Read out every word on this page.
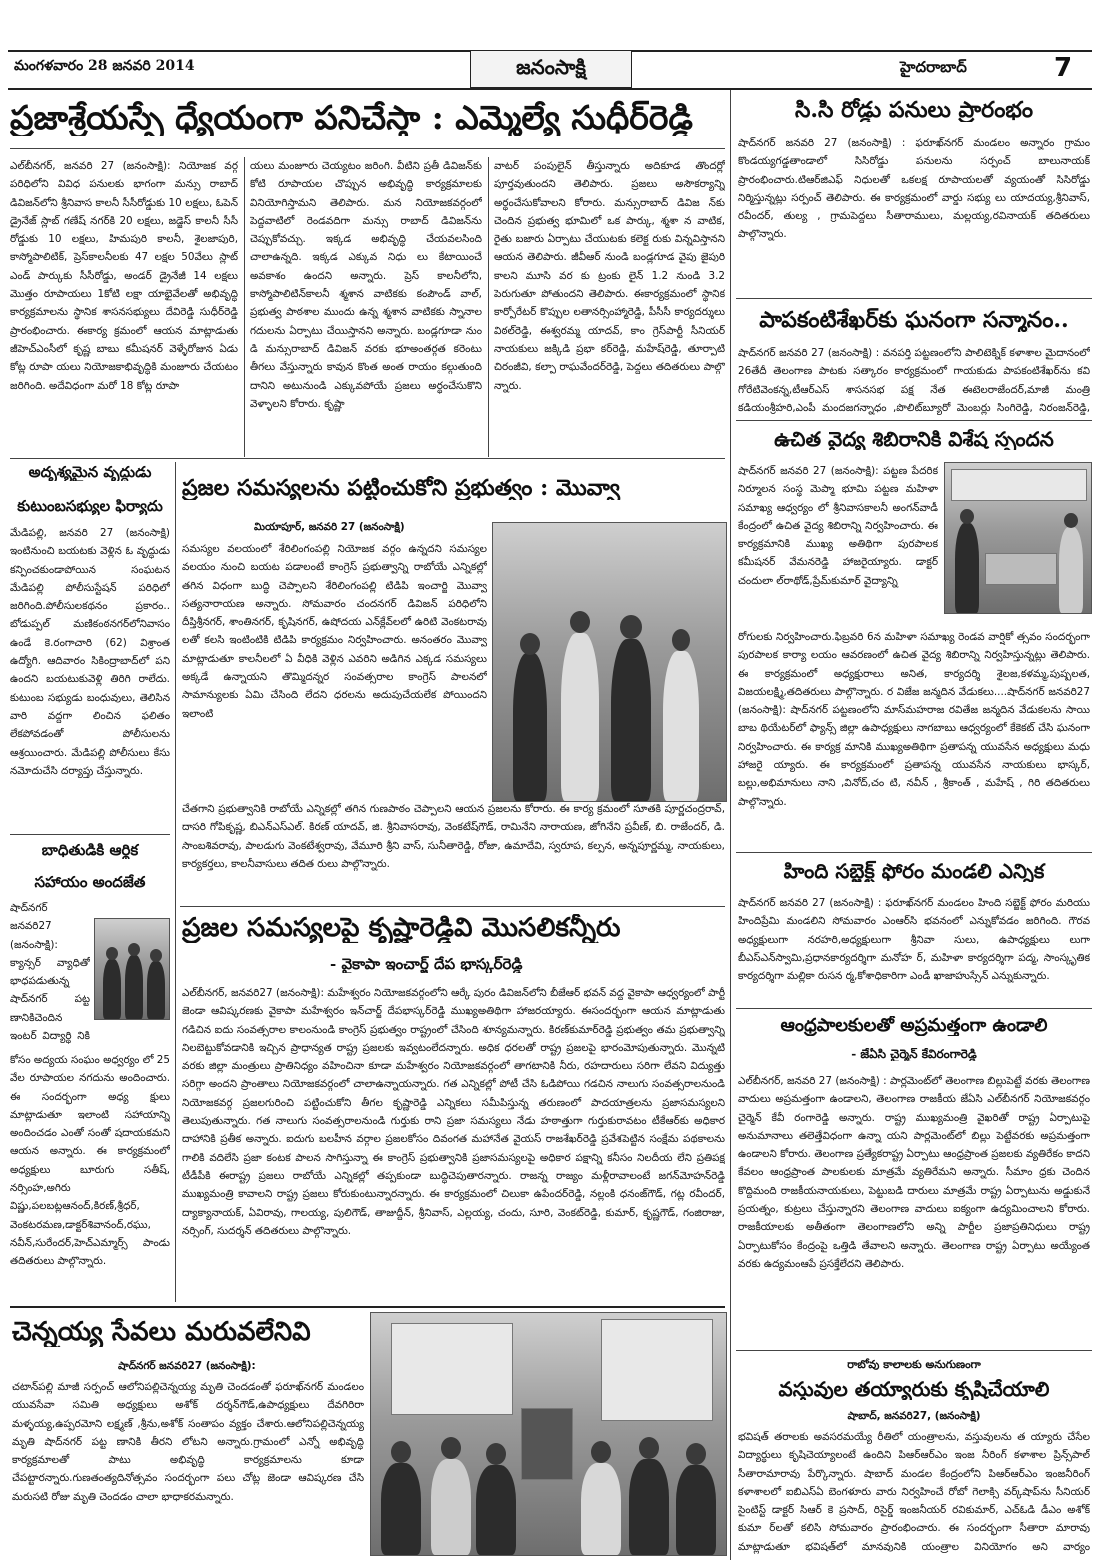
మంగళవారం 28 జనవరి 2014	జనంసాక్షి	హైదరాబాద్	7
ప్రజాశ్రేయస్సే ధ్యేయంగా పనిచేస్తా : ఎమ్మెల్యే సుధీర్‌రెడ్డి
ఎల్‌బీనగర్‌, జనవరి 27 (జనంసాక్షి): నియోజక వర్గ పరిధిలోని వివిధ పనులకు భాగంగా మన్సు రాబాద్‌ డివిజన్‌లోని శ్రీనివాస కాలనీ సీసీరోడ్డుకు 10 లక్షలు, ఓపెన్‌ డ్రైనేజ్‌ స్లాబ్‌ గణేష్‌ నగర్‌కి 20 లక్షలు, జడ్జెస్‌ కాలనీ సీసీ రోడ్డుకు 10 లక్షలు, హిమపురి కాలనీ, శైలజాపురి, కాస్మోపాలిటిక్‌, ప్రెస్‌కాలనీలకు 47 లక్షల 50వేలు స్లాట్‌ ఎండ్‌ పార్కుకు సీసీరోడ్డు, అండర్‌ డ్రైనేజీ 14 లక్షలు మొత్తం రూపాయలు 1కోటి లక్షా యాభైవేలతో అభివృద్ధి కార్యక్రమాలను స్థానిక శాసనసభ్యులు దేవిరెడ్డి సుధీర్‌రెడ్డి ప్రారంభించారు. ఈకార్య క్రమంలో ఆయన మాట్లాడుతు జీహెచ్‌ఎంసీలో కృష్ణ బాబు కమీషనర్‌ వెళ్ళేరోజున ఏడు కోట్ల రూపా యలు నియోజకాభివృద్ధికి మంజూరు చేయటం జరిగింది. అదేవిధంగా మరో 18 కోట్ల రూపా
యలు మంజూరు చెయ్యటం జరింగి. వీటిని ప్రతీ డివిజన్‌కు కోటి రూపాయల చొప్పున అభివృద్ధి కార్యక్రమాలకు వినియోగిస్తామని తెలిపారు. మన నియోజకవర్గంలో పెద్దవాటిలో రెండవదిగా మన్సు రాబాద్‌ డివిజన్‌ను చెప్పుకోవచ్చు. ఇక్కడ అభివృద్ధి చేయవలసింది చాలాఉన్నది. ఇక్కడ ఎక్కువ నిధు లు కేటాయించే అవకాశం ఉందని అన్నారు. ప్రెస్‌ కాలనీలోని, కాస్మోపాలిటిన్‌కాలనీ శ్మశాన వాటికకు కంపౌండ్‌ వాల్‌, ప్రభుత్వ పాఠశాల ముందు ఉన్న శ్మశాన వాటికకు స్నానాల గదులను ఏర్పాటు చేయిస్తానని అన్నారు. బండ్లగూడా నుం డి మన్సురాబాద్‌ డివిజన్‌ వరకు భూఅంతర్గత కరెంటు తీగలు వేస్తున్నారు కావున కొంత అంత రాయం కల్గుతుంది దానిని అటునుండి ఎక్కువపోయే ప్రజలు అర్థంచేసుకొని వెళ్ళాలని కోరారు. కృష్ణా
వాటర్‌ పంపులైన్‌ తీస్తున్నారు అదికూడ తొందర్లో పూర్తవుతుందని తెలిపారు. ప్రజలు అసౌకర్యాన్ని అర్థంచేసుకోవాలని కోరారు. మన్సురాబాద్‌ డివిజ న్‌కు చెందిన ప్రభుత్వ భూమిలో ఒక పార్కు, శ్మశా న వాటిక, రైతు బజారు ఏర్పాటు చేయుటకు కలెక్ట రుకు విన్నవిస్తానని ఆయన తెలిపారు. జీవీఆర్‌ నుండి బండ్లగూడ వైపు జైపురి కాలని మూసి వర కు ట్రంకు లైన్‌ 1.2 నుండి 3.2 పెరుగుతూ పోతుందని తెలిపారు. ఈకార్యక్రమంలో స్థానిక కార్పోరేటర్‌ కొప్పుల లతానర్సింహ్మారెడ్డి, పీసీసీ కార్యదర్శులు విఠల్‌రెడ్డి, ఈశ్వరమ్మ యాదవ్‌, కాం గ్రెస్‌పార్టీ సీనియర్‌ నాయకులు జక్కిడి ప్రభా కర్‌రెడ్డి, మహేష్‌రెడ్డి, తూర్పాటి చిరంజీవి, కల్పా రాఘవేందర్‌రెడ్డి, పెద్దలు తదితరులు పాల్గొ న్నారు.
అదృశ్యమైన వృద్ధుడు
కుటుంబసభ్యుల ఫిర్యాదు
మేడిపల్లి, జనవరి 27 (జనంసాక్షి) ఇంటినుంచి బయటకు వెళ్లిన ఓ వృద్ధుడు కన్పించకుండాపోయిన సంఘటన మేడిపల్లి పోలీసుస్టేషన్‌ పరిధిలో జరిగింది.పోలీసులకథనం ప్రకారం.. బోడుప్పల్‌ మణికంఠనగర్‌లోనివాసం ఉండే కె.రంగాచారి (62) విశ్రాంత ఉద్యోగి. ఆదివారం సికింద్రాబాద్‌లో పని ఉందని బయటుకువెళ్లి తిరిగి రాలేదు. కుటుంబ సభ్యుడు బంధువులు, తెలిసిన వారి వద్దగా లించిన ఫలితం లేకపోవడంతో పోలీసులను ఆశ్రయించారు. మేడిపల్లి పోలీసులు కేసు నమోదుచేసి దర్యాప్తు చేస్తున్నారు.
బాధితుడికి ఆర్థిక
సహాయం అందజేత
షాద్‌నగర్‌ జనవరి27 (జనంసాక్షి): క్యాన్సర్‌ వ్యాధితో భాధపడుతున్న షాద్‌నగర్‌ పట్ట ణానికిచెందిన ఇంటర్‌ విద్యార్థి నికి
కోసం అద్యయ సంఘం అధ్వర్యం లో 25 వేల రూపాయల నగదును అందించారు. ఈ సందర్భంగా అధ్య క్షులు మాట్లాడుతూ ఇలాంటి సహాయాన్ని అందించడం ఎంతో సంతో షదాయకమని ఆయన అన్నారు. ఈ కార్యక్రమంలో అధ్యక్షులు బూరుగు సతీష్‌, నర్సింహ,అగిరు విష్ణు,పలబట్లఆనంద్‌,కిరణ్‌,శ్రీధర్‌, వెంకటరమణ,డాక్టర్‌శివానంద్‌,రఘు, నవీన్‌,సురేందర్‌,హెచ్‌ఎమ్మార్స్‌ పాండు తదితరులు పాల్గొన్నారు.
ప్రజల సమస్యలను పట్టించుకోని ప్రభుత్వం : మొవ్వా
మియాపూర్‌, జనవరి 27 (జనంసాక్షి)
సమస్యల వలయంలో శేరిలింగంపల్లి నియోజక వర్గం ఉన్నదని సమస్యల వలయం నుంచి బయట పడాలంటే కాంగ్రెస్‌ ప్రభుత్వాన్ని రాబోయే ఎన్నికల్లో తగిన విధంగా బుద్ధి చెప్పాలని శేరిలింగంపల్లి టిడిపి ఇంచార్జి మొవ్వా సత్యనారాయణ అన్నారు. సోమవారం చందనగర్‌ డివిజన్‌ పరిధిలోని దీప్తిశ్రీనగర్‌, శాంతినగర్‌, కృషినగర్‌, ఉషోదయ ఎన్‌క్లేవ్‌లలో ఉరిటి వెంకటరావు లతో కలసి ఇంటింటికి టిడిపి కార్యక్రమం నిర్వహించారు. అనంతరం మొవ్వా మాట్లాడుతూ కాలనీలలో ఏ వీధికి వెళ్లిన ఎవరిని అడిగిన ఎక్కడ సమస్యలు అక్కడే ఉన్నాయని తొమ్మిదన్నర సంవత్సరాల కాంగ్రెస్‌ పాలనలో సామాన్యులకు ఏమి చేసింది లేదని ధరలను అదుపుచేయలేక పోయిందని ఇలాంటి
చేతగాని ప్రభుత్వానికి రాబోయే ఎన్నికల్లో తగిన గుణపాఠం చెప్పాలని ఆయన ప్రజలను కోరారు. ఈ కార్య క్రమంలో సూతకి పూర్ణచంద్రరావ్‌, దాసరి గోపికృష్ణ, బిఎన్‌ఎస్‌ఎల్‌. కిరణ్‌ యాదవ్‌, జి. శ్రీనివాసరావు, వెంకటేష్‌గౌడ్‌, రామినేని నారాయణ, జోగినేని ప్రవీణ్‌, బి. రాజేందర్‌, డి. సాంబశివరావు, పాలడుగు వెంకటేశ్వరావు, వేమూరి శ్రీని వాస్‌, సునీతారెడ్డి, రోజా, ఉమాదేవి, స్వరూప, కల్పన, అన్నపూర్ణమ్మ, నాయకులు, కార్యకర్తలు, కాలనీవాసులు తదిత రులు పాల్గొన్నారు.
ప్రజల సమస్యలపై కృష్ణారెడ్డివి మొసలికన్నీరు
- వైకాపా ఇంచార్జ్‌ దేప భాస్కర్‌రెడ్డి
ఎల్‌బీనగర్‌, జనవరి27 (జనంసాక్షి): మహేశ్వరం నియోజకవర్గంలోని ఆర్కే పురం డివిజన్‌లోని బీజేఆర్‌ భవన్‌ వద్ద వైకాపా ఆధ్వర్యంలో పార్టీ జెండా ఆవిష్కరణకు వైకాపా మహేశ్వరం ఇన్‌చార్జ్‌ దేపభాస్కర్‌రెడ్డి ముఖ్యఅతిథిగా హాజరయ్యారు. ఈసందర్భంగా ఆయన మాట్లాడుతు గడిచిన ఐదు సంవత్సరాల కాలంనుండి కాంగ్రెస్‌ ప్రభుత్వం రాష్ట్రంలో చేసింది శూన్యమన్నారు. కిరణ్‌కుమార్‌రెడ్డి ప్రభుత్వం తమ ప్రభుత్వాన్ని నిలబెట్టుకోవడానికి ఇచ్చిన ప్రాధాన్యత రాష్ట్ర ప్రజలకు ఇవ్వటంలేదన్నారు. అధిక ధరలతో రాష్ట్ర ప్రజలపై భారంమోపుతున్నారు. మొన్నటి వరకు జిల్లా మంత్రులు ప్రాతినిధ్యం వహించినా కూడా మహేశ్వరం నియోజకవర్గంలో తాగటానికి నీరు, రహదారులు సరిగా లేవని విద్యుత్తు సరిగ్గా అందని ప్రాంతాలు నియోజకవర్గంలో చాలాఉన్నాయన్నారు. గత ఎన్నికల్లో పోటీ చేసి ఓడిపోయి గడచిన నాలుగు సంవత్సరాలనుండి నియోజకవర్గ ప్రజలగురించి పట్టించుకోని తీగల కృష్ణారెడ్డి ఎన్నికలు సమీపిస్తున్న తరుణంలో పాదయాత్రలను ప్రజాసమస్యలని తెలుపుతున్నారు. గత నాలుగు సంవత్సరాలనుండి గుర్తుకు రాని ప్రజా సమస్యలు నేడు హఠాత్తుగా గుర్తుకురావటం టీకేఆర్‌కు అధికార దాహానికి ప్రతీక అన్నారు. ఐదుగు బలహీన వర్గాల ప్రజలకోసం దివంగత మహానేత వైయస్‌ రాజశేఖర్‌రెడ్డి ప్రవేశపెట్టిన సంక్షేమ పథకాలను గాలికి వదిలేసి ప్రజా కంటక పాలన సాగిస్తున్నా ఈ కాంగ్రెస్‌ ప్రభుత్వానికి ప్రజాసమస్యలపై అధికార పక్షాన్ని కనీసం నిలదీయ లేని ప్రతిపక్ష టీడీపీకి ఈరాష్ట్ర ప్రజలు రాబోయే ఎన్నికల్లో తప్పకుండా బుద్ధిచెపుతారన్నారు. రాజన్న రాజ్యం మళ్లీరావాలంటే జగన్‌మోహన్‌రెడ్డి ముఖ్యమంత్రి కావాలని రాష్ట్ర ప్రజలు కోరుకుంటున్నారన్నారు. ఈ కార్యక్రమంలో చిలుకా ఉపేందర్‌రెడ్డి, నల్లంకి ధనంజ్‌గౌడ్‌, గట్ల రవీందర్‌, ద్యాక్యానాయక్‌, ఏవిరావు, గాలయ్య, పులిగౌడ్‌, తాజుద్దీన్‌, శ్రీనివాస్‌, ఎల్లయ్య, చందు, సూరి, వెంకట్‌రెడ్డి, కుమార్‌, కృష్ణగౌడ్‌, గంజిరాజు, నర్సింగ్‌, సుదర్శన్‌ తదితరులు పాల్గొన్నారు.
చెన్నయ్య సేవలు మరువలేనివి
షాద్‌నగర్‌ జనవరి27 (జనంసాక్షి):
చటాన్‌పల్లి మాజీ సర్పంచ్‌ ఆలోనిపల్లిచెన్నయ్య మృతి చెందడంతో ఫరూఖ్‌నగర్‌ మండలం యువసేవా సమితి అధ్యక్షులు అశోక్‌ దర్శన్‌గౌడ్‌,ఉపాధ్యక్షులు దేవగిరిరా మళ్ళయ్య,ఉప్పరమోని లక్ష్మణ్‌ ,శ్రీను,అశోక్‌ సంతాపం వ్యక్తం చేశారు.ఆలోనిపల్లిచెన్నయ్య మృతి షాద్‌నగర్‌ పట్ట ణానికి తీరని లోటని అన్నారు.గ్రామంలో ఎన్నో అభివృద్ధి కార్యక్రమాలతో పాటు అభివృద్ధి కార్యక్రమాలను కూడా చేపట్టారన్నారు.గుణతంత్యదినోత్సవం సందర్భంగా పలు చోట్ల జెండా ఆవిష్కరణ చేసి మరుసటి రోజు మృతి చెందడం చాలా భాధాకరమన్నారు.
సి.సి రోడ్డు పనులు ప్రారంభం
షాద్‌నగర్‌ జనవరి 27 (జనంసాక్షి) : ఫరూఖ్‌నగర్‌ మండలం అన్నారం గ్రామం కొండయ్యగడ్డతాండాలో సిసిరోడ్డు పనులను సర్పంచ్‌ బాలునాయక్‌ ప్రారంభించారు.టిఆర్‌జిఎఫ్‌ నిధులతో ఒకలక్ష రూపాయలతో వ్యయంతో సిసిరోడ్డు నిర్మిస్తున్నట్లు సర్పంచ్‌ తెలిపారు. ఈ కార్యక్రమంలో వార్డు సభ్యు లు యాదయ్య,శ్రీనివాస్‌, రవీందర్‌, తుల్య , గ్రామపెద్దలు సీతారాములు, మల్లయ్య,రవినాయక్‌ తదితరులు పాల్గొన్నారు.
పాపకంటిశేఖర్‌కు ఘనంగా సన్మానం..
షాద్‌నగర్‌ జనవరి 27 (జనంసాక్షి) : వనపర్తి పట్టణంలోని పాలిటెక్నిక్‌ కళాశాల మైదానంలో 26తేదీ తెలంగాణ పాటకు సత్కారం కార్యక్రమంలో గాయకుడు పాపకంటిశేఖర్‌ను కవి గోరేటివెంకన్న,టీఆర్‌ఎస్‌ శాసనసభ పక్ష నేత ఈటెలరాజేందర్‌,మాజీ మంత్రి కడియంశ్రీహరి,ఎంపీ మందజగన్నాధం ,పొలిట్‌బ్యూరో మెంబర్లు సింగిరెడ్డి, నిరంజన్‌రెడ్డి,
ఉచిత వైద్య శిబిరానికి విశేష స్పందన
షాద్‌నగర్‌ జనవరి 27 (జనంసాక్షి): పట్టణ పేదరిక నిర్మూలన సంస్థ మెప్మా భూమి పట్టణ మహిళా సమాఖ్య ఆధ్వర్యం లో శ్రీనివాసకాలనీ అంగన్‌వాడీ కేంద్రంలో ఉచిత వైద్య శిబిరాన్ని నిర్వహించారు. ఈ కార్యక్రమానికి ముఖ్య అతిథిగా పురపాలక కమీషనర్‌ వేమనరెడ్డి హాజరైయ్యారు. డాక్టర్‌ చందులా ల్‌రాథోడ్‌,ప్రేమ్‌కుమార్‌ వైద్యాన్ని
రోగులకు నిర్వహించారు.ఫిబ్రవరి 6న మహిళా సమాఖ్య రెండవ వార్షికో త్సవం సందర్భంగా పురపాలక కార్యా లయం ఆవరణంలో ఉచిత వైద్య శిబిరాన్ని నిర్వహిస్తున్నట్లు తెలిపారు. ఈ కార్యక్రమంలో అధ్యక్షురాలు అనిత, కార్యదర్శి శైలజ,కళమ్మ,పుష్పలత, విజయలక్ష్మి,తదితరులు పాల్గొన్నారు. ర విజేజ జన్మదిన వేడుకలు....షాద్‌నగర్‌ జనవరి27 (జనంసాక్షి): షాద్‌నగర్‌ పట్టణంలోని మాస్‌మహరాజ రవితేజ జన్మదిన వేడుకలను సాయి బాబ థియేటర్‌లో ఫ్యాన్స్‌ జిల్లా ఉపాధ్యక్షులు నాగబాబు ఆధ్వర్యంలో కేకెకట్‌ చేసి ఘనంగా నిర్వహించారు. ఈ కార్యక్ర మానికి ముఖ్యఅతిథిగా ప్రతాపన్న యువసేన అధ్యక్షులు మధు హాజరై య్యారు. ఈ కార్యక్రమంలో ప్రతాపన్న యువసేన నాయకులు భాస్కర్‌, బల్లు,అభిమానులు నాని ,వినోద్‌,చం టి, నవీన్‌ , శ్రీకాంత్‌ , మహేష్‌ , గిరి తదితరులు పాల్గొన్నారు.
హింది సబ్జెక్ట్‌ ఫోరం మండలి ఎన్నిక
షాద్‌నగర్‌ జనవరి 27 (జనంసాక్షి) : ఫరూఖ్‌నగర్‌ మండలం హింది సబ్జెక్ట్‌ ఫోరం మరియు హిందిప్రేమి మండలిని సోమవారం ఎంఆర్‌సి భవనంలో ఎన్నుకోవడం జరిగింది. గౌరవ అధ్యక్షులుగా నరహరి,అధ్యక్షులుగా శ్రీనివా సులు, ఉపాధ్యక్షులు లుగా బీఎస్‌ఎన్‌స్వామి,ప్రధానకార్యదర్శిగా మనోహ ర్‌, మహిళా కార్యదర్శిగా పద్మ, సాంస్కృతిక కార్యదర్శిగా మల్లికా రుసన ర్మ,కోశాధికారిగా ఎండీ ఖాజాహుస్సేన్‌ ఎన్నుకున్నారు.
ఆంధ్రపాలకులతో అప్రమత్తంగా ఉండాలి
- జేఏసి చైర్మెన్‌ కేవిరంగారెడ్డి
ఎల్‌బీనగర్‌, జనవరి 27 (జనంసాక్షి) : పార్లమెంట్‌లో తెలంగాణ బిల్లుపెట్టే వరకు తెలంగాణ వాదులు అప్రమత్తంగా ఉండాలని, తెలంగాణ రాజకీయ జేఏసి ఎల్‌బీనగర్‌ నియోజకవర్గం చైర్మెన్‌ కేవీ రంగారెడ్డి అన్నారు. రాష్ట్ర ముఖ్యమంత్రి వైఖరితో రాష్ట్ర ఏర్పాటుపై అనుమానాలు తలెత్తేవిధంగా ఉన్నా యని పార్లమెంట్‌లో బిల్లు పెట్టేవరకు అప్రమత్తంగా ఉండాలని కోరారు. తెలంగాణ ప్రత్యేకరాష్ట్ర ఏర్పాటు ఆంధ్రప్రాంత ప్రజలకు వ్యతిరేకం కాదని కేవలం ఆంధ్రప్రాంత పాలకులకు మాత్రమే వ్యతిరేమని అన్నారు. సీమాం ధ్రకు చెందిన కొద్దిమంది రాజకీయనాయకులు, పెట్టుబడి దారులు మాత్రమే రాష్ట్ర ఏర్పాటును అడ్డుకునే ప్రయత్నం, కుట్రలు చేస్తున్నారని తెలంగాణ వాదులు ఐక్యంగా ఉద్యమించాలని కోరారు. రాజకీయాలకు అతీతంగా తెలంగాణలోని అన్ని పార్టీల ప్రజాప్రతినిధులు రాష్ట్ర ఏర్పాటుకోసం కేంద్రంపై ఒత్తిడి తేవాలని అన్నారు. తెలంగాణ రాష్ట్ర ఏర్పాటు అయ్యేంత వరకు ఉద్యమంఆపే ప్రసక్తేలేదని తెలిపారు.
రాబోవు కాలాలకు అనుగుణంగా
వస్తువుల తయ్యారుకు కృషిచేయాలి
షాబాద్‌, జనవరి27, (జనంసాక్షి)
భవిషత్‌ తరాలకు అవసరమయ్యే రీతిలో యంత్రాలను, వస్తువులను త య్యారు చేసేల విద్యార్థులు కృషిచెయ్యాలంటే ఉందిని పిఆర్‌ఆర్‌ఎం ఇంజ నీరింగ్‌ కళాశాల ప్రిన్స్‌పాల్‌ సీతారామారావు పేర్కొన్నారు. షాబాద్‌ మండల కేంద్రంలోని పిఆర్‌ఆర్‌ఎం ఇంజనీరింగ్‌ కళాశాలలో ఐబిఎస్‌ఏ బెంగళూరు వారు నిర్వహించే రోబో గెలాక్సి వర్క్‌షాప్‌ను సీనియర్‌ సైంటిస్ట్‌ డాక్టర్‌ సిఆర్‌ కె ప్రసాద్‌, రిసైర్డ్‌ ఇంజనీయర్‌ రవికుమార్‌, ఎచ్‌ఓడి డీఎం అశోక్‌ కుమా ర్‌లతో కలిసి సోమవారం ప్రారంభించారు. ఈ సందర్భంగా సీతారా మారావు మాట్లాడుతూ భవిషత్‌లో మానవునికి యంత్రాల వినియోగం అని వార్యం
